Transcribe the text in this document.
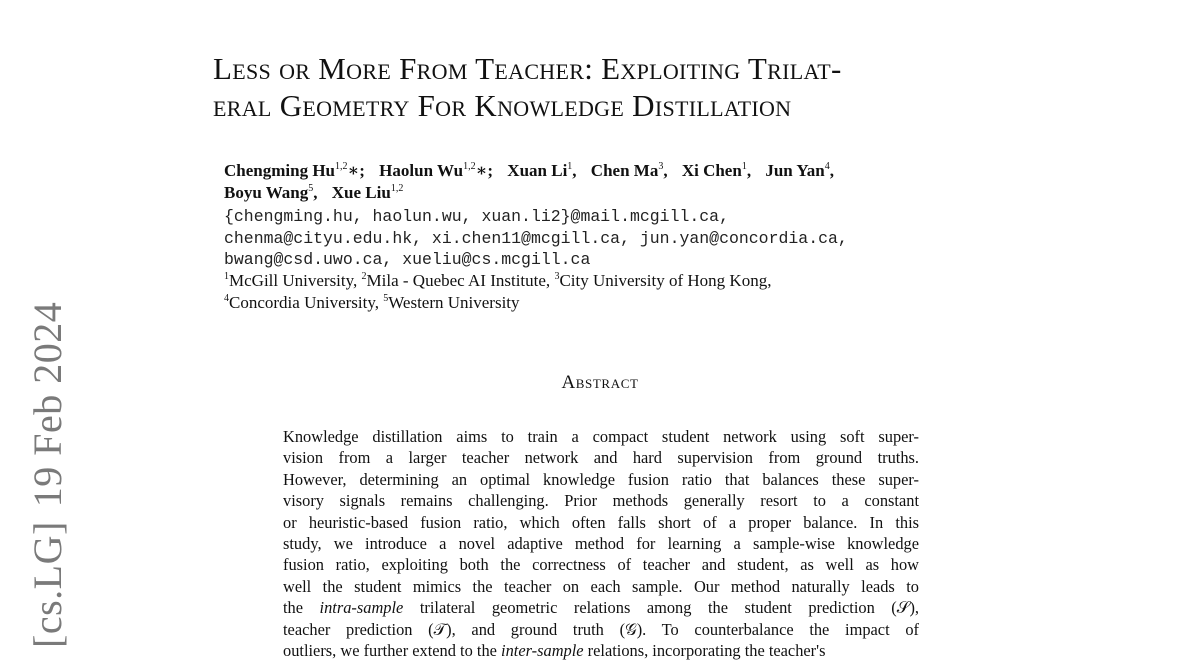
[cs.LG]19 Feb 2024
Less or More From Teacher: Exploiting Trilat-
eral Geometry For Knowledge Distillation
Chengming Hu$^{1,2}$∗; Haolun Wu$^{1,2}$∗; Xuan Li$^1$, Chen Ma$^3$, Xi Chen$^1$, Jun Yan$^4$,
Boyu Wang$^5$, Xue Liu$^{1,2}$
{chengming.hu, haolun.wu, xuan.li2}@mail.mcgill.ca,
chenma@cityu.edu.hk, xi.chen11@mcgill.ca, jun.yan@concordia.ca,
bwang@csd.uwo.ca, xueliu@cs.mcgill.ca
$^1$McGill University, $^2$Mila - Quebec AI Institute, $^3$City University of Hong Kong,
$^4$Concordia University, $^5$Western University
Abstract
Knowledge distillation aims to train a compact student network using soft super-
vision from a larger teacher network and hard supervision from ground truths.
However, determining an optimal knowledge fusion ratio that balances these super-
visory signals remains challenging. Prior methods generally resort to a constant
or heuristic-based fusion ratio, which often falls short of a proper balance. In this
study, we introduce a novel adaptive method for learning a sample-wise knowledge
fusion ratio, exploiting both the correctness of teacher and student, as well as how
well the student mimics the teacher on each sample. Our method naturally leads to
the intra-sample trilateral geometric relations among the student prediction (𝒮),
teacher prediction (𝒯), and ground truth (𝒢). To counterbalance the impact of
outliers, we further extend to the inter-sample relations, incorporating the teacher's
